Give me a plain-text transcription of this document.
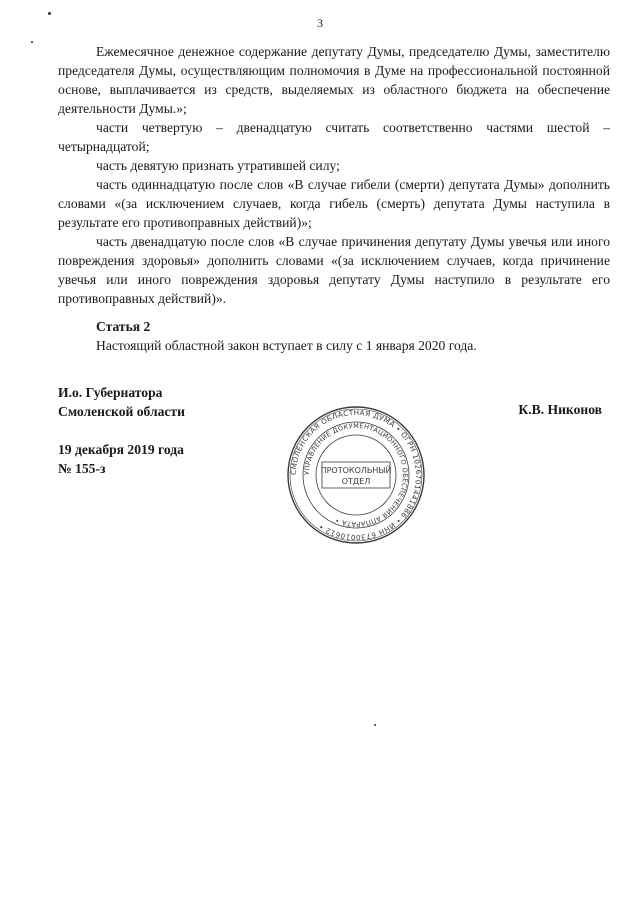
3

Ежемесячное денежное содержание депутату Думы, председателю Думы, заместителю председателя Думы, осуществляющим полномочия в Думе на профессиональной постоянной основе, выплачивается из средств, выделяемых из областного бюджета на обеспечение деятельности Думы.»;

части четвертую – двенадцатую считать соответственно частями шестой – четырнадцатой;

часть девятую признать утратившей силу;

часть одиннадцатую после слов «В случае гибели (смерти) депутата Думы» дополнить словами «(за исключением случаев, когда гибель (смерть) депутата Думы наступила в результате его противоправных действий)»;

часть двенадцатую после слов «В случае причинения депутату Думы увечья или иного повреждения здоровья» дополнить словами «(за исключением случаев, когда причинение увечья или иного повреждения здоровья депутату Думы наступило в результате его противоправных действий)».

Статья 2

Настоящий областной закон вступает в силу с 1 января 2020 года.

И.о. Губернатора
Смоленской области	К.В. Никонов
19 декабря 2019 года
№ 155-з	СМОЛЕНСКАЯ ОБЛАСТНАЯ ДУМА • ОГРН 1026701441886 • ИНН 6730010612 •
УПРАВЛЕНИЕ ДОКУМЕНТАЦИОННОГО ОБЕСПЕЧЕНИЯ АППАРАТА •
ПРОТОКОЛЬНЫЙ
ОТДЕЛ
